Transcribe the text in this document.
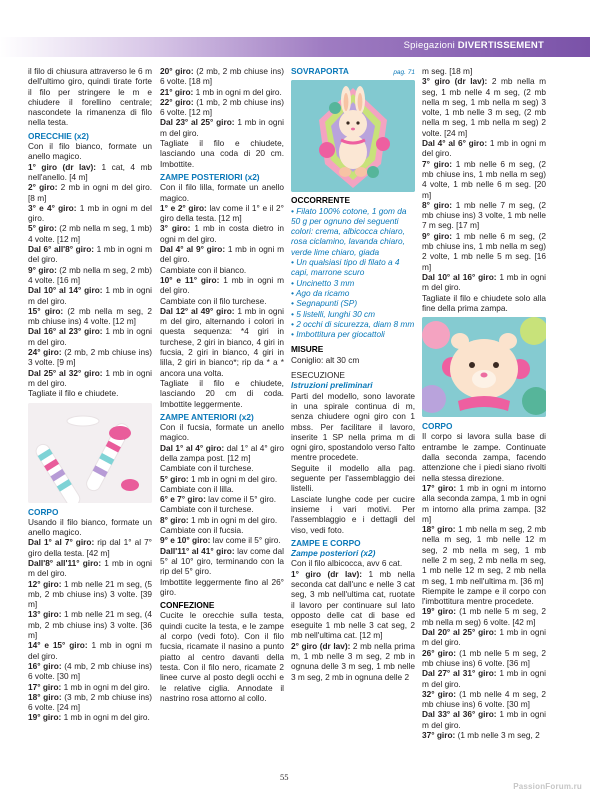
Spiegazioni DIVERTISSEMENT
il filo di chiusura attraverso le 6 m dell'ultimo giro, quindi tirate forte il filo per stringere le m e chiudere il forellino centrale; nascondete la rimanenza di filo nella testa.
ORECCHIE (x2)
Con il filo bianco, formate un anello magico.
1° giro (dr lav): 1 cat, 4 mb nell'anello. [4 m]
2° giro: 2 mb in ogni m del giro. [8 m]
3° e 4° giro: 1 mb in ogni m del giro.
5° giro: (2 mb nella m seg, 1 mb) 4 volte. [12 m]
Dal 6° all'8° giro: 1 mb in ogni m del giro.
9° giro: (2 mb nella m seg, 2 mb) 4 volte. [16 m]
Dal 10° al 14° giro: 1 mb in ogni m del giro.
15° giro: (2 mb nella m seg, 2 mb chiuse ins) 4 volte. [12 m]
Dal 16° al 23° giro: 1 mb in ogni m del giro.
24° giro: (2 mb, 2 mb chiuse ins) 3 volte. [9 m]
Dal 25° al 32° giro: 1 mb in ogni m del giro.
Tagliate il filo e chiudete.
CORPO
Usando il filo bianco, formate un anello magico.
Dal 1° al 7° giro: rip dal 1° al 7° giro della testa. [42 m]
Dall'8° all'11° giro: 1 mb in ogni m del giro.
12° giro: 1 mb nelle 21 m seg, (5 mb, 2 mb chiuse ins) 3 volte. [39 m]
13° giro: 1 mb nelle 21 m seg, (4 mb, 2 mb chiuse ins) 3 volte. [36 m]
14° e 15° giro: 1 mb in ogni m del giro.
16° giro: (4 mb, 2 mb chiuse ins) 6 volte. [30 m]
17° giro: 1 mb in ogni m del giro.
18° giro: (3 mb, 2 mb chiuse ins) 6 volte. [24 m]
19° giro: 1 mb in ogni m del giro.
20° giro: (2 mb, 2 mb chiuse ins) 6 volte. [18 m]
21° giro: 1 mb in ogni m del giro.
22° giro: (1 mb, 2 mb chiuse ins) 6 volte. [12 m]
Dal 23° al 25° giro: 1 mb in ogni m del giro.
Tagliate il filo e chiudete, lasciando una coda di 20 cm. Imbottite.
ZAMPE POSTERIORI (x2)
Con il filo lilla, formate un anello magico.
1° e 2° giro: lav come il 1° e il 2° giro della testa. [12 m]
3° giro: 1 mb in costa dietro in ogni m del giro.
Dal 4° al 9° giro: 1 mb in ogni m del giro.
Cambiate con il bianco.
10° e 11° giro: 1 mb in ogni m del giro.
Cambiate con il filo turchese.
Dal 12° al 49° giro: 1 mb in ogni m del giro, alternando i colori in questa sequenza: *4 giri in turchese, 2 giri in bianco, 4 giri in fucsia, 2 giri in bianco, 4 giri in lilla, 2 giri in bianco*; rip da * a * ancora una volta.
Tagliate il filo e chiudete, lasciando 20 cm di coda. Imbottite leggermente.
ZAMPE ANTERIORI (x2)
Con il fucsia, formate un anello magico.
Dal 1° al 4° giro: dal 1° al 4° giro della zampa post. [12 m]
Cambiate con il turchese.
5° giro: 1 mb in ogni m del giro.
Cambiate con il lilla.
6° e 7° giro: lav come il 5° giro.
Cambiate con il turchese.
8° giro: 1 mb in ogni m del giro.
Cambiate con il fucsia.
9° e 10° giro: lav come il 5° giro.
Dall'11° al 41° giro: lav come dal 5° al 10° giro, terminando con la rip del 5° giro.
Imbottite leggermente fino al 26° giro.
CONFEZIONE
Cucite le orecchie sulla testa, quindi cucite la testa, e le zampe al corpo (vedi foto). Con il filo fucsia, ricamate il nasino a punto piatto al centro davanti della testa. Con il filo nero, ricamate 2 linee curve al posto degli occhi e le relative ciglia. Annodate il nastrino rosa attorno al collo.
SOVRAPORTA	pag. 71
OCCORRENTE
• Filato 100% cotone, 1 gom da 50 g per ognuno dei seguenti colori: crema, albicocca chiaro, rosa ciclamino, lavanda chiaro, verde lime chiaro, giada
• Un qualsiasi tipo di filato a 4 capi, marrone scuro
• Uncinetto 3 mm
• Ago da ricamo
• Segnapunti (SP)
• 5 listelli, lunghi 30 cm
• 2 occhi di sicurezza, diam 8 mm
• Imbottitura per giocattoli
MISURE
Coniglio: alt 30 cm
ESECUZIONE
Istruzioni preliminari
Parti del modello, sono lavorate in una spirale continua di m, senza chiudere ogni giro con 1 mbss. Per facilitare il lavoro, inserite 1 SP nella prima m di ogni giro, spostandolo verso l'alto mentre procedete.
Seguite il modello alla pag. seguente per l'assemblaggio dei listelli.
Lasciate lunghe code per cucire insieme i vari motivi. Per l'assemblaggio e i dettagli del viso, vedi foto.
ZAMPE E CORPO
Zampe posteriori (x2)
Con il filo albicocca, avv 6 cat.
1° giro (dr lav): 1 mb nella seconda cat dall'unc e nelle 3 cat seg, 3 mb nell'ultima cat, ruotate il lavoro per continuare sul lato opposto delle cat di base ed eseguite 1 mb nelle 3 cat seg, 2 mb nell'ultima cat. [12 m]
2° giro (dr lav): 2 mb nella prima m, 1 mb nelle 3 m seg, 2 mb in ognuna delle 3 m seg, 1 mb nelle 3 m seg, 2 mb in ognuna delle 2
m seg. [18 m]
3° giro (dr lav): 2 mb nella m seg, 1 mb nelle 4 m seg, (2 mb nella m seg, 1 mb nella m seg) 3 volte, 1 mb nelle 3 m seg, (2 mb nella m seg, 1 mb nella m seg) 2 volte. [24 m]
Dal 4° al 6° giro: 1 mb in ogni m del giro.
7° giro: 1 mb nelle 6 m seg, (2 mb chiuse ins, 1 mb nella m seg) 4 volte, 1 mb nelle 6 m seg. [20 m]
8° giro: 1 mb nelle 7 m seg, (2 mb chiuse ins) 3 volte, 1 mb nelle 7 m seg. [17 m]
9° giro: 1 mb nelle 6 m seg, (2 mb chiuse ins, 1 mb nella m seg) 2 volte, 1 mb nelle 5 m seg. [16 m]
Dal 10° al 16° giro: 1 mb in ogni m del giro.
Tagliate il filo e chiudete solo alla fine della prima zampa.
CORPO
Il corpo si lavora sulla base di entrambe le zampe. Continuate dalla seconda zampa, facendo attenzione che i piedi siano rivolti nella stessa direzione.
17° giro: 1 mb in ogni m intorno alla seconda zampa, 1 mb in ogni m intorno alla prima zampa. [32 m]
18° giro: 1 mb nella m seg, 2 mb nella m seg, 1 mb nelle 12 m seg, 2 mb nella m seg, 1 mb nelle 2 m seg, 2 mb nella m seg, 1 mb nelle 12 m seg, 2 mb nella m seg, 1 mb nell'ultima m. [36 m]
Riempite le zampe e il corpo con l'imbottitura mentre procedete.
19° giro: (1 mb nelle 5 m seg, 2 mb nella m seg) 6 volte. [42 m]
Dal 20° al 25° giro: 1 mb in ogni m del giro.
26° giro: (1 mb nelle 5 m seg, 2 mb chiuse ins) 6 volte. [36 m]
Dal 27° al 31° giro: 1 mb in ogni m del giro.
32° giro: (1 mb nelle 4 m seg, 2 mb chiuse ins) 6 volte. [30 m]
Dal 33° al 36° giro: 1 mb in ogni m del giro.
37° giro: (1 mb nelle 3 m seg, 2
55
PassionForum.ru
